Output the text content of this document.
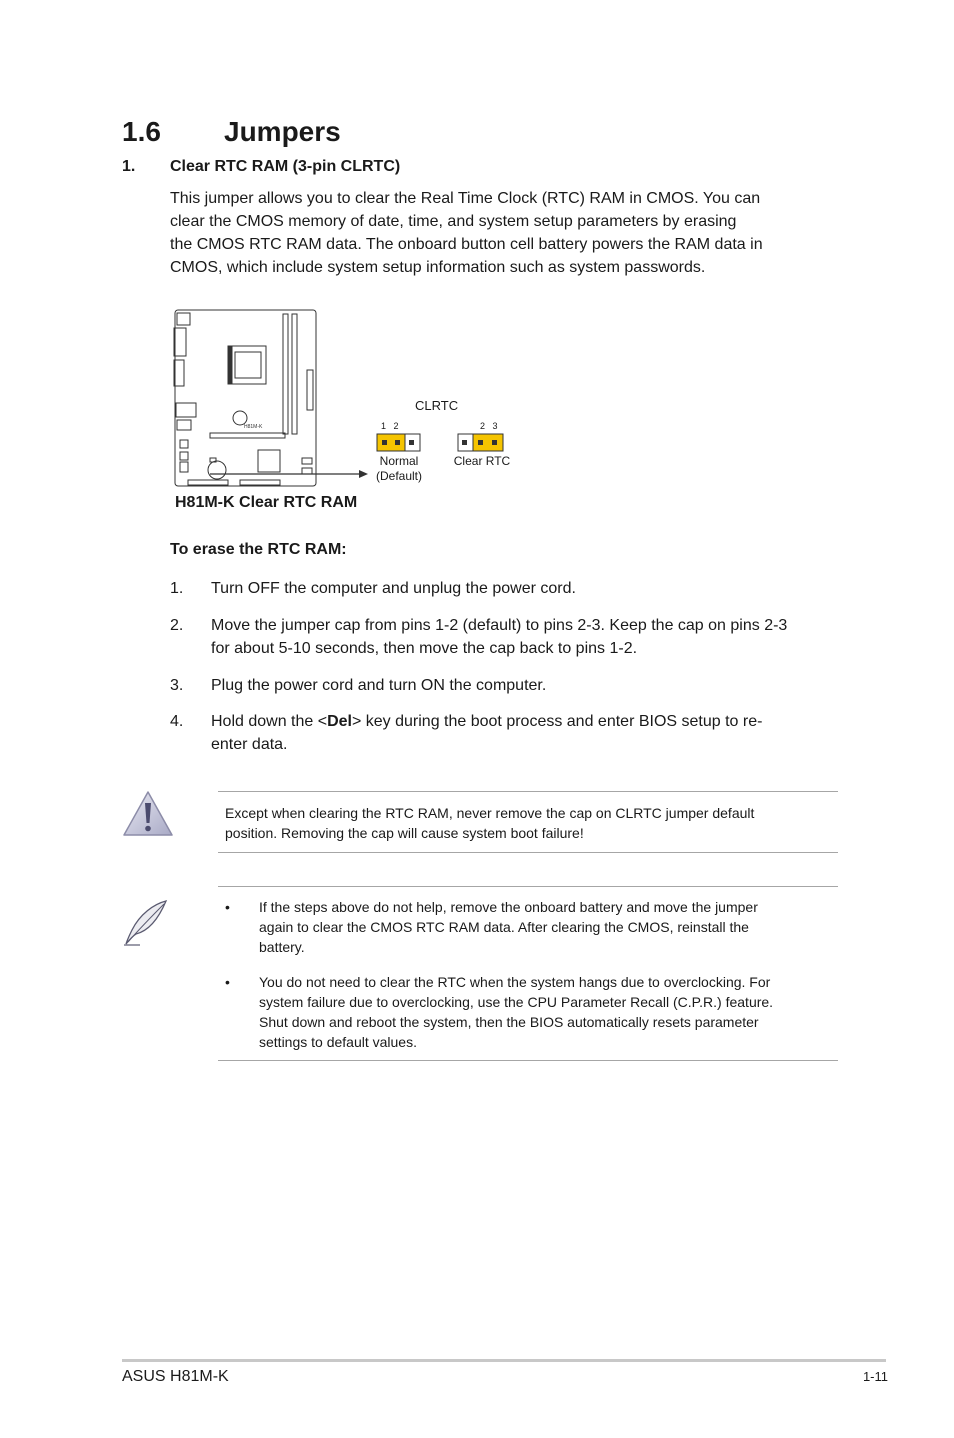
1.6 Jumpers
1. Clear RTC RAM (3-pin CLRTC)
This jumper allows you to clear the Real Time Clock (RTC) RAM in CMOS. You can
clear the CMOS memory of date, time, and system setup parameters by erasing
the CMOS RTC RAM data. The onboard button cell battery powers the RAM data in
CMOS, which include system setup information such as system passwords.
H81M-K
CLRTC
1   2	2   3
Normal
(Default)
Clear RTC
H81M-K Clear RTC RAM
To erase the RTC RAM:
1.	Turn OFF the computer and unplug the power cord.
2.	Move the jumper cap from pins 1-2 (default) to pins 2-3. Keep the cap on pins 2-3
for about 5-10 seconds, then move the cap back to pins 1-2.
3.	Plug the power cord and turn ON the computer.
4.	Hold down the <Del> key during the boot process and enter BIOS setup to re-
enter data.
Except when clearing the RTC RAM, never remove the cap on CLRTC jumper default
position. Removing the cap will cause system boot failure!
•	If the steps above do not help, remove the onboard battery and move the jumper
again to clear the CMOS RTC RAM data. After clearing the CMOS, reinstall the
battery.
•	You do not need to clear the RTC when the system hangs due to overclocking. For
system failure due to overclocking, use the CPU Parameter Recall (C.P.R.) feature.
Shut down and reboot the system, then the BIOS automatically resets parameter
settings to default values.
ASUS H81M-K	1-11
